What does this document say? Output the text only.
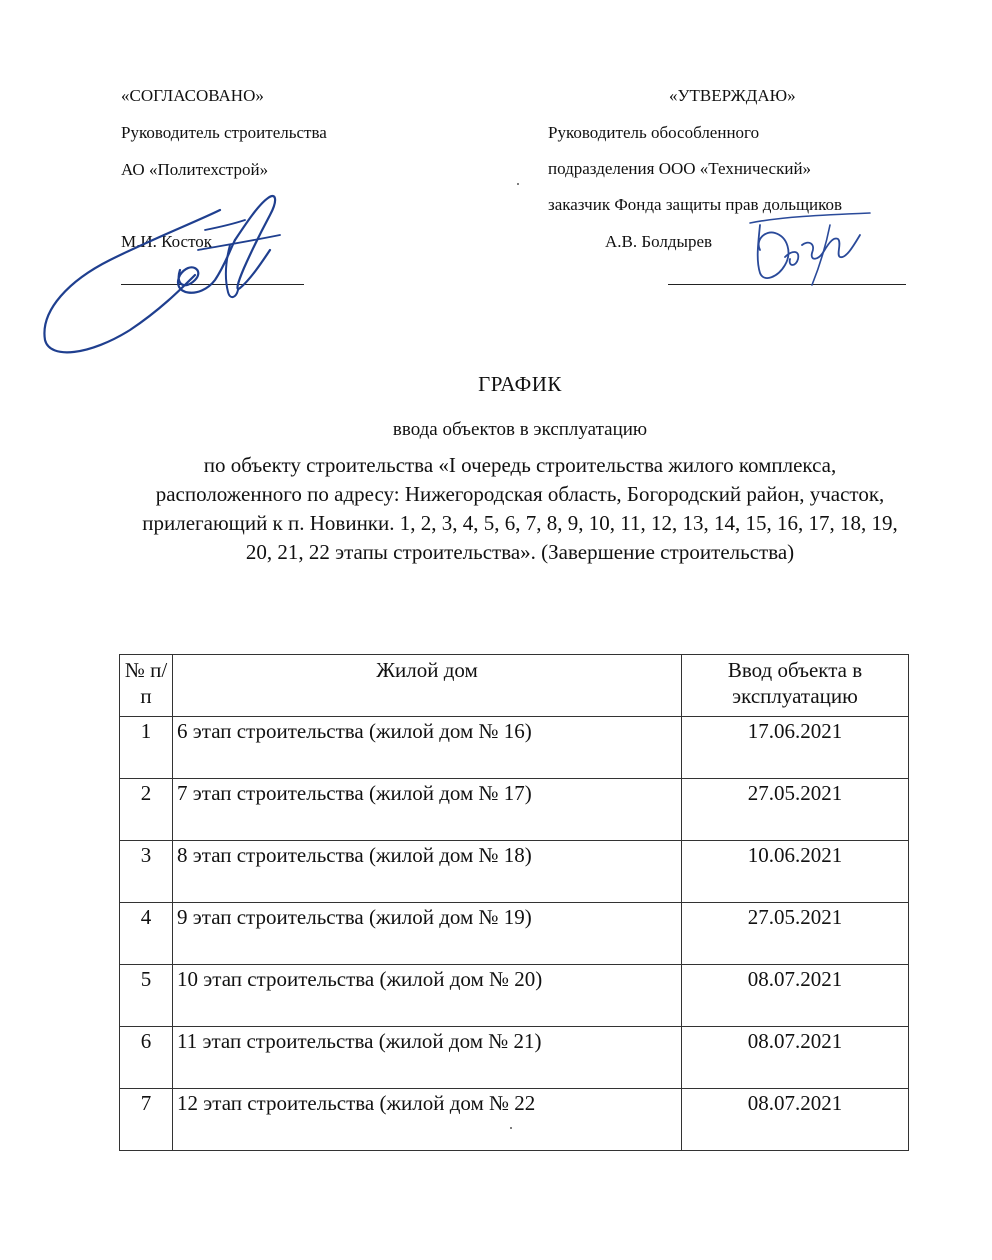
«СОГЛАСОВАНО»
Руководитель строительства
АО «Политехстрой»
М.И. Косток
«УТВЕРЖДАЮ»
Руководитель обособленного
подразделения ООО «Технический»
заказчик Фонда защиты прав дольщиков
А.В. Болдырев
ГРАФИК
ввода объектов в эксплуатацию
по объекту строительства «I очередь строительства жилого комплекса, расположенного по адресу: Нижегородская область, Богородский район, участок, прилегающий к п. Новинки. 1, 2, 3, 4, 5, 6, 7, 8, 9, 10, 11, 12, 13, 14, 15, 16, 17, 18, 19, 20, 21, 22 этапы строительства». (Завершение строительства)
№ п/п	Жилой дом	Ввод объекта в эксплуатацию
1	6 этап строительства (жилой дом № 16)	17.06.2021
2	7 этап строительства (жилой дом № 17)	27.05.2021
3	8 этап строительства (жилой дом № 18)	10.06.2021
4	9 этап строительства (жилой дом № 19)	27.05.2021
5	10 этап строительства (жилой дом № 20)	08.07.2021
6	11 этап строительства (жилой дом № 21)	08.07.2021
7	12 этап строительства (жилой дом № 22	08.07.2021
